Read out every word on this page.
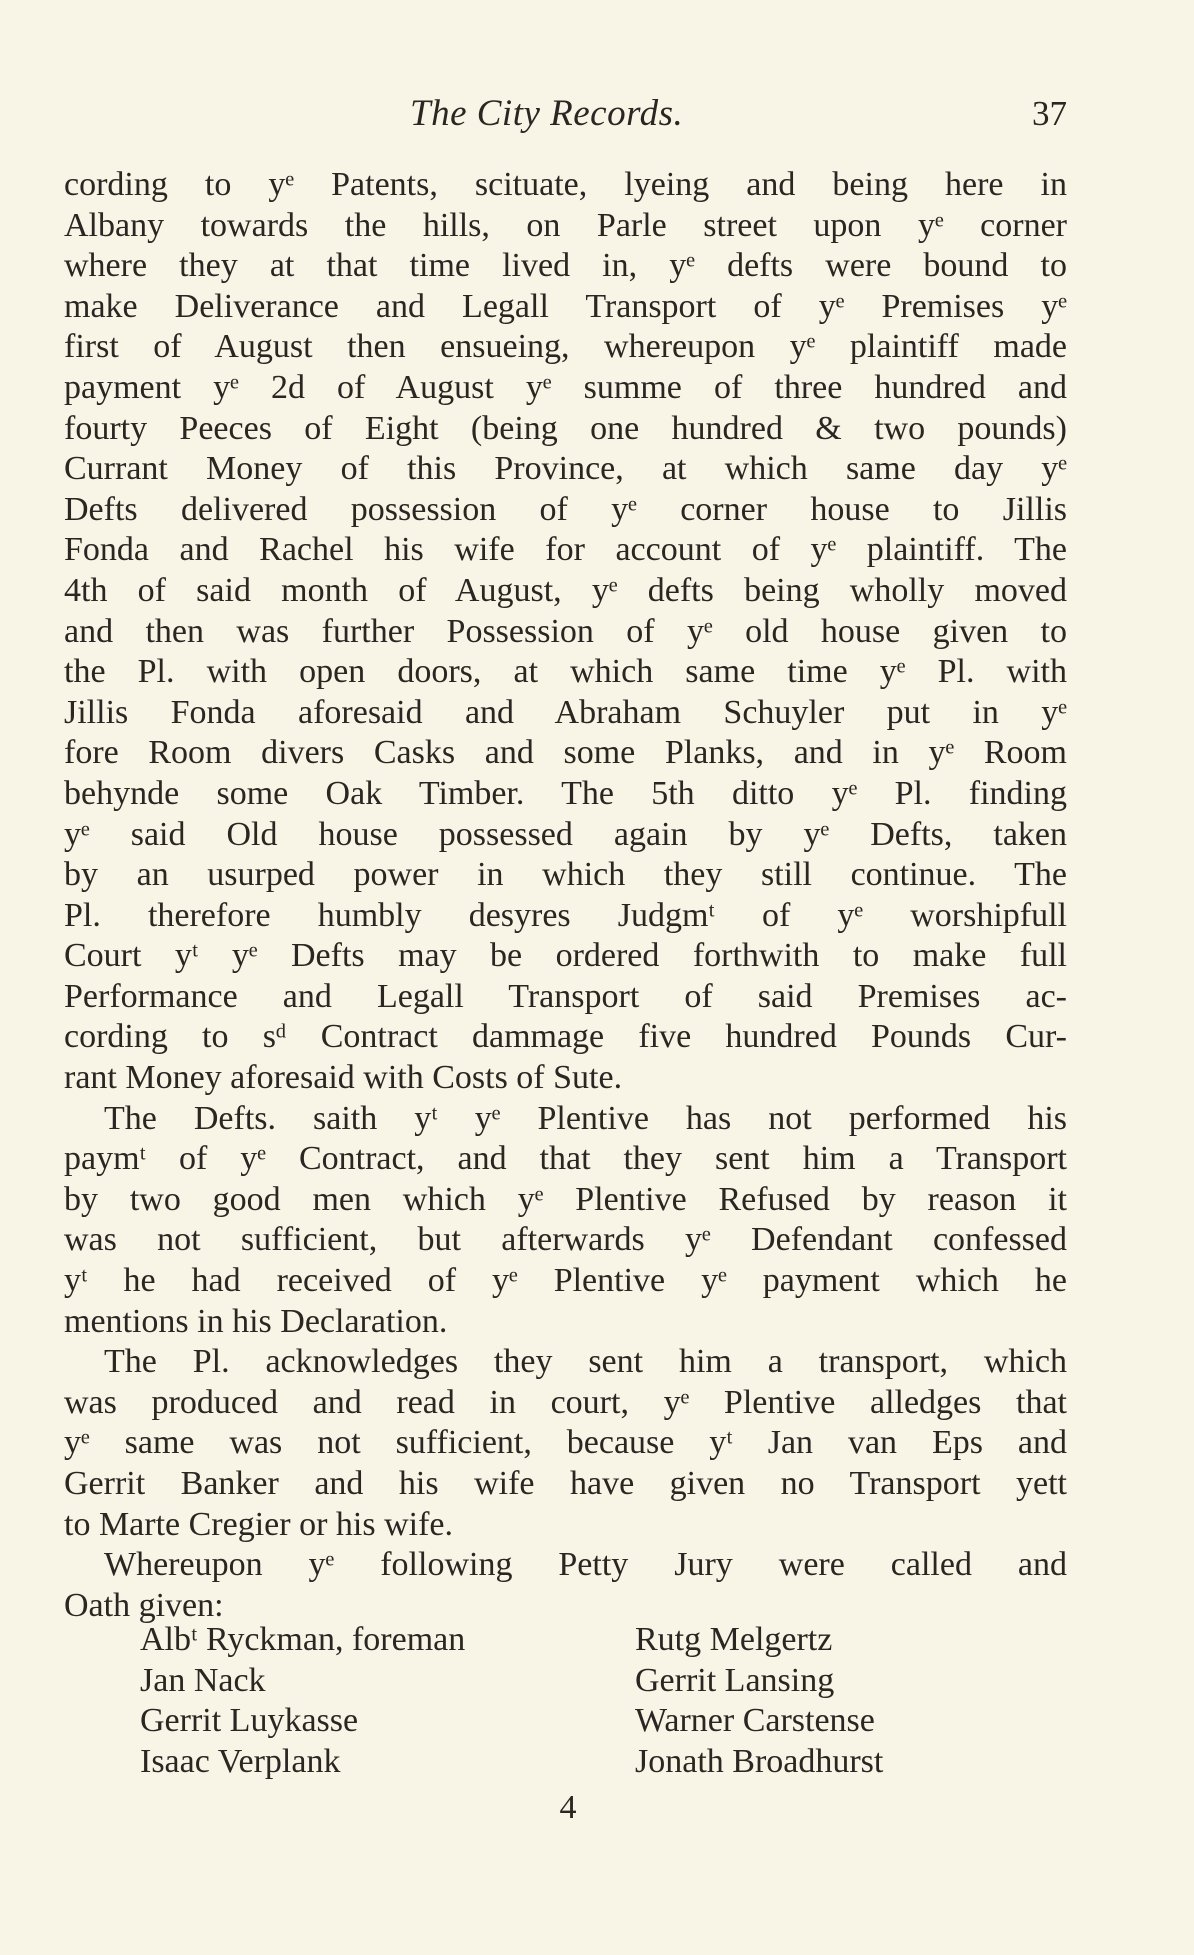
The City Records.	37
cording to yᵉ Patents, scituate, lyeing and being here in
Albany towards the hills, on Parle street upon yᵉ corner
where they at that time lived in, yᵉ defts were bound to
make Deliverance and Legall Transport of yᵉ Premises yᵉ
first of August then ensueing, whereupon yᵉ plaintiff made
payment yᵉ 2d of August yᵉ summe of three hundred and
fourty Peeces of Eight (being one hundred & two pounds)
Currant Money of this Province, at which same day yᵉ
Defts delivered possession of yᵉ corner house to Jillis
Fonda and Rachel his wife for account of yᵉ plaintiff. The
4th of said month of August, yᵉ defts being wholly moved
and then was further Possession of yᵉ old house given to
the Pl. with open doors, at which same time yᵉ Pl. with
Jillis Fonda aforesaid and Abraham Schuyler put in yᵉ
fore Room divers Casks and some Planks, and in yᵉ Room
behynde some Oak Timber. The 5th ditto yᵉ Pl. finding
yᵉ said Old house possessed again by yᵉ Defts, taken
by an usurped power in which they still continue. The
Pl. therefore humbly desyres Judgmᵗ of yᵉ worshipfull
Court yᵗ yᵉ Defts may be ordered forthwith to make full
Performance and Legall Transport of said Premises ac-
cording to sᵈ Contract dammage five hundred Pounds Cur-
rant Money aforesaid with Costs of Sute.
The Defts. saith yᵗ yᵉ Plentive has not performed his
paymᵗ of yᵉ Contract, and that they sent him a Transport
by two good men which yᵉ Plentive Refused by reason it
was not sufficient, but afterwards yᵉ Defendant confessed
yᵗ he had received of yᵉ Plentive yᵉ payment which he
mentions in his Declaration.
The Pl. acknowledges they sent him a transport, which
was produced and read in court, yᵉ Plentive alledges that
yᵉ same was not sufficient, because yᵗ Jan van Eps and
Gerrit Banker and his wife have given no Transport yett
to Marte Cregier or his wife.
Whereupon yᵉ following Petty Jury were called and
Oath given:
Albᵗ Ryckman, foreman	Rutg Melgertz
Jan Nack	Gerrit Lansing
Gerrit Luykasse	Warner Carstense
Isaac Verplank	Jonath Broadhurst
4
